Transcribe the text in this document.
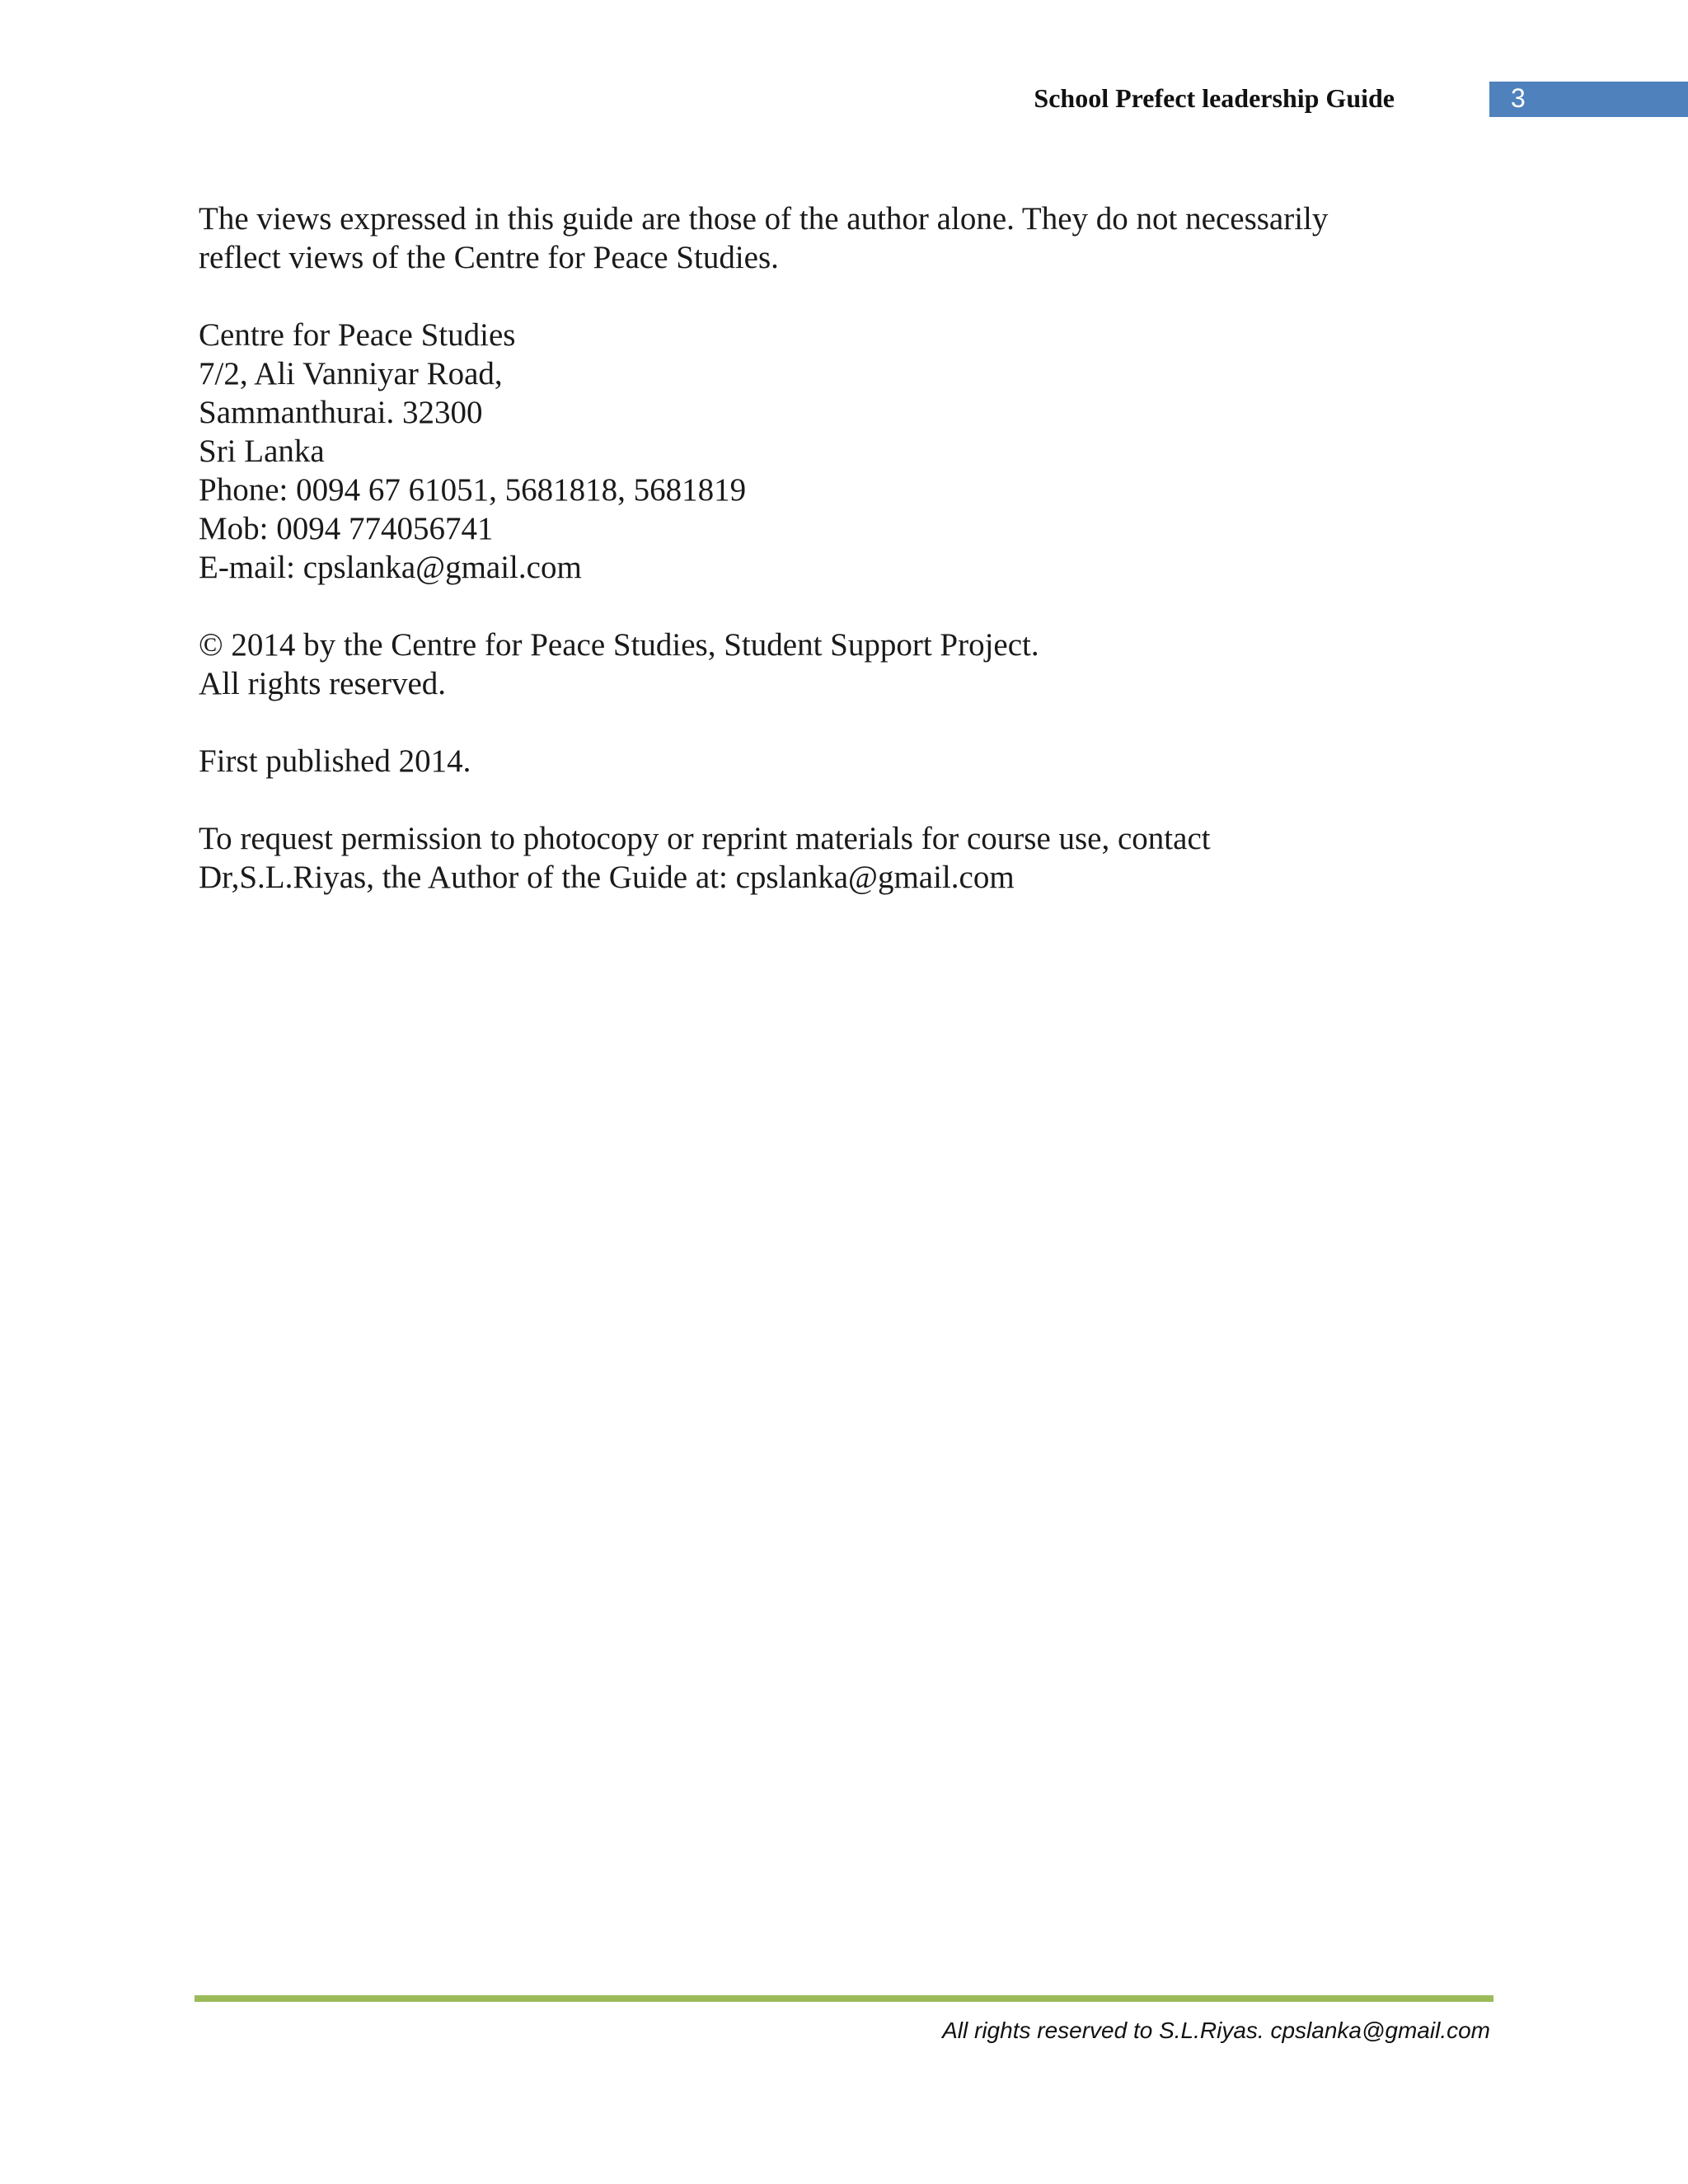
School Prefect leadership Guide	3

The views expressed in this guide are those of the author alone. They do not necessarily
reflect views of the Centre for Peace Studies.

Centre for Peace Studies
7/2, Ali Vanniyar Road,
Sammanthurai. 32300
Sri Lanka
Phone: 0094 67 61051, 5681818, 5681819
Mob: 0094 774056741
E-mail: cpslanka@gmail.com

© 2014 by the Centre for Peace Studies, Student Support Project.
All rights reserved.

First published 2014.

To request permission to photocopy or reprint materials for course use, contact
Dr,S.L.Riyas, the Author of the Guide at: cpslanka@gmail.com

All rights reserved to S.L.Riyas. cpslanka@gmail.com
